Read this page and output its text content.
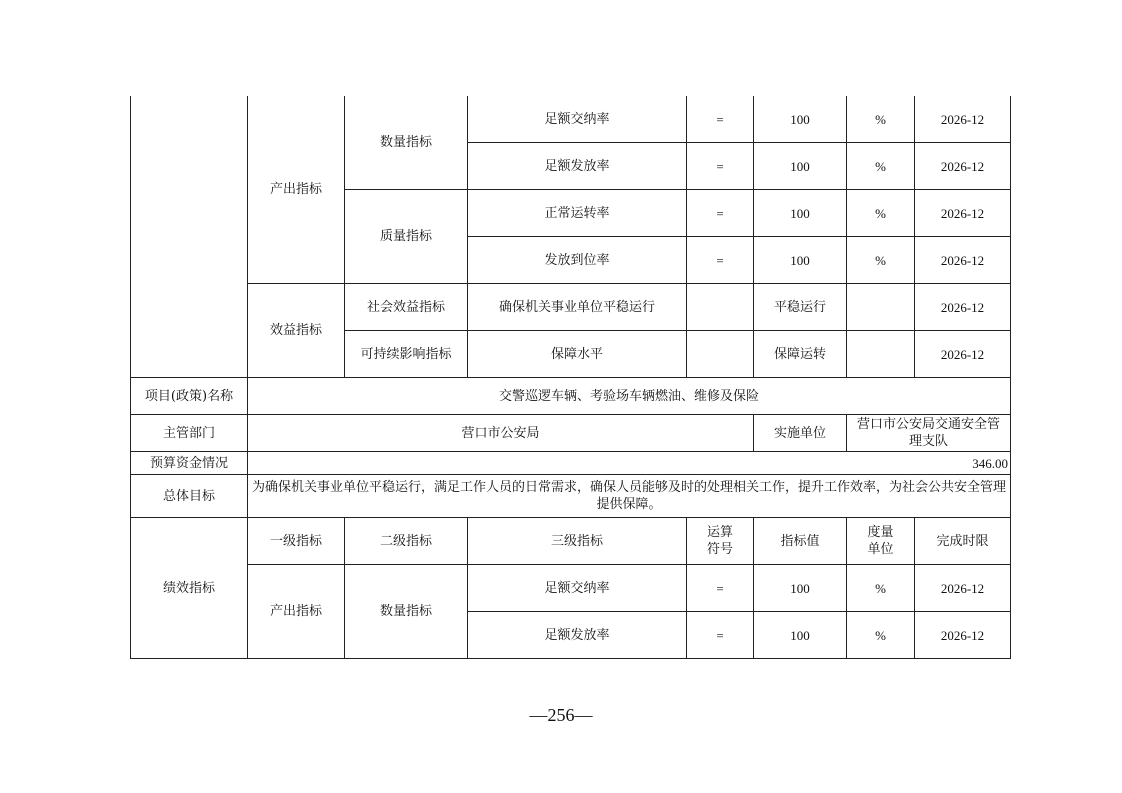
	产出指标	数量指标	足额交纳率	=	100	%	2026-12
			足额发放率	=	100	%	2026-12
		质量指标	正常运转率	=	100	%	2026-12
			发放到位率	=	100	%	2026-12
	效益指标	社会效益指标	确保机关事业单位平稳运行		平稳运行		2026-12
		可持续影响指标	保障水平		保障运转		2026-12
项目(政策)名称	交警巡逻车辆、考验场车辆燃油、维修及保险						
主管部门	营口市公安局				实施单位	营口市公安局交通安全管理支队	
预算资金情况	346.00						
总体目标	为确保机关事业单位平稳运行，满足工作人员的日常需求，确保人员能够及时的处理相关工作，提升工作效率，为社会公共安全管理提供保障。						
绩效指标	一级指标	二级指标	三级指标	运算符号	指标值	度量单位	完成时限
	产出指标	数量指标	足额交纳率	=	100	%	2026-12
			足额发放率	=	100	%	2026-12
—256—
